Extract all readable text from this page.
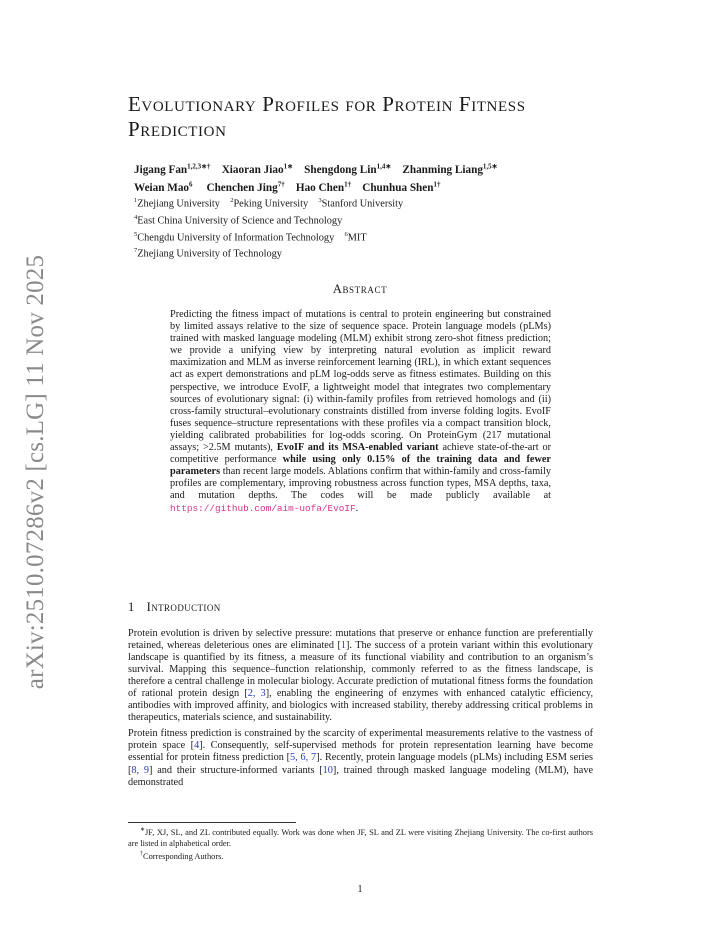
arXiv:2510.07286v2 [cs.LG] 11 Nov 2025
Evolutionary Profiles for Protein Fitness
Prediction
Jigang Fan$^{1,2,3∗\dagger}$ Xiaoran Jiao$^{1∗}$ Shengdong Lin$^{1,4∗}$ Zhanming Liang$^{1,5∗}$
Weian Mao$^6$ Chenchen Jing$^{7\dagger}$ Hao Chen$^{1\dagger}$ Chunhua Shen$^{1\dagger}$
$^1$Zhejiang University $^2$Peking University $^3$Stanford University
$^4$East China University of Science and Technology
$^5$Chengdu University of Information Technology $^6$MIT
$^7$Zhejiang University of Technology
Abstract
Predicting the fitness impact of mutations is central to protein engineering but constrained by limited assays relative to the size of sequence space. Protein language models (pLMs) trained with masked language modeling (MLM) exhibit strong zero-shot fitness prediction; we provide a unifying view by interpreting natural evolution as implicit reward maximization and MLM as inverse reinforcement learning (IRL), in which extant sequences act as expert demonstrations and pLM log-odds serve as fitness estimates. Building on this perspective, we introduce EvoIF, a lightweight model that integrates two complementary sources of evolutionary signal: (i) within-family profiles from retrieved homologs and (ii) cross-family structural–evolutionary constraints distilled from inverse folding logits. EvoIF fuses sequence–structure representations with these profiles via a compact transition block, yielding calibrated probabilities for log-odds scoring. On ProteinGym (217 mutational assays; >2.5M mutants), EvoIF and its MSA-enabled variant achieve state-of-the-art or competitive performance while using only 0.15% of the training data and fewer parameters than recent large models. Ablations confirm that within-family and cross-family profiles are complementary, improving robustness across function types, MSA depths, taxa, and mutation depths. The codes will be made publicly available at https://github.com/aim-uofa/EvoIF.
1 Introduction

Protein evolution is driven by selective pressure: mutations that preserve or enhance function are preferentially retained, whereas deleterious ones are eliminated [1]. The success of a protein variant within this evolutionary landscape is quantified by its fitness, a measure of its functional viability and contribution to an organism’s survival. Mapping this sequence–function relationship, commonly referred to as the fitness landscape, is therefore a central challenge in molecular biology. Accurate prediction of mutational fitness forms the foundation of rational protein design [2, 3], enabling the engineering of enzymes with enhanced catalytic efficiency, antibodies with improved affinity, and biologics with increased stability, thereby addressing critical problems in therapeutics, materials science, and sustainability.

Protein fitness prediction is constrained by the scarcity of experimental measurements relative to the vastness of protein space [4]. Consequently, self-supervised methods for protein representation learning have become essential for protein fitness prediction [5, 6, 7]. Recently, protein language models (pLMs) including ESM series [8, 9] and their structure-informed variants [10], trained through masked language modeling (MLM), have demonstrated

∗JF, XJ, SL, and ZL contributed equally. Work was done when JF, SL and ZL were visiting Zhejiang University. The co-first authors are listed in alphabetical order.
†Corresponding Authors.
1
